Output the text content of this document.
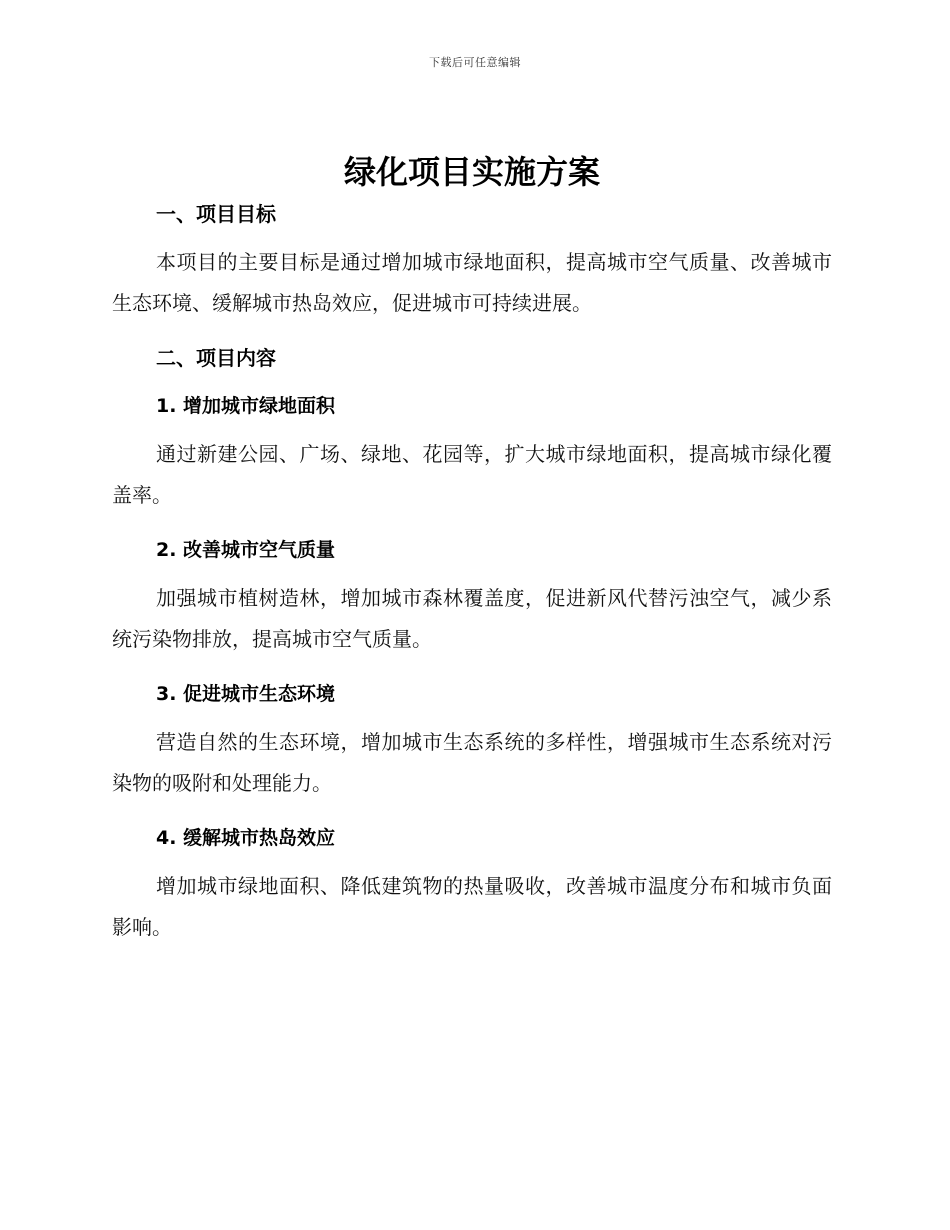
下载后可任意编辑
绿化项目实施方案
一、项目目标

本项目的主要目标是通过增加城市绿地面积，提高城市空气质量、改善城市生态环境、缓解城市热岛效应，促进城市可持续进展。

二、项目内容
1. 增加城市绿地面积

通过新建公园、广场、绿地、花园等，扩大城市绿地面积，提高城市绿化覆盖率。

2. 改善城市空气质量

加强城市植树造林，增加城市森林覆盖度，促进新风代替污浊空气，减少系统污染物排放，提高城市空气质量。

3. 促进城市生态环境

营造自然的生态环境，增加城市生态系统的多样性，增强城市生态系统对污染物的吸附和处理能力。

4. 缓解城市热岛效应

增加城市绿地面积、降低建筑物的热量吸收，改善城市温度分布和城市负面影响。
